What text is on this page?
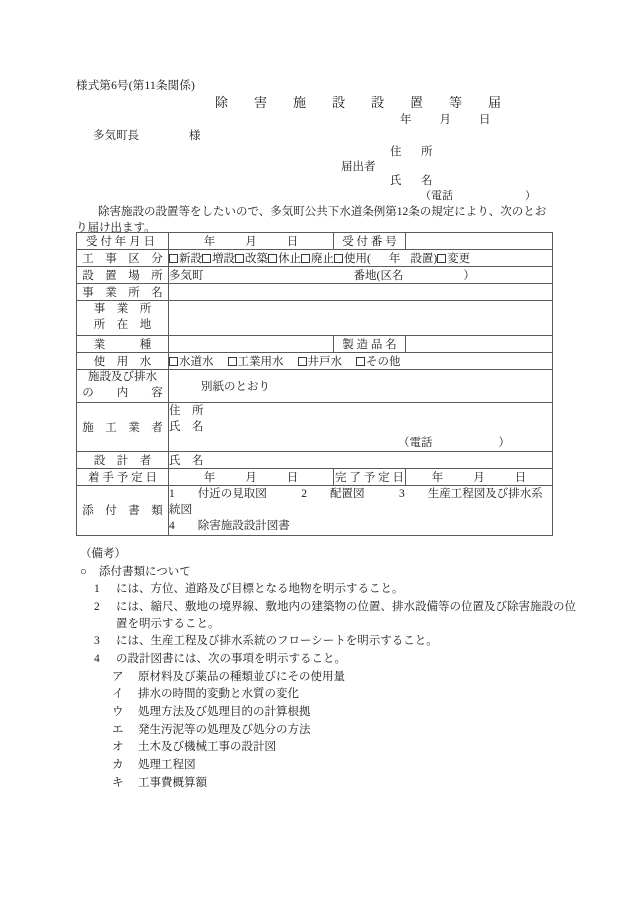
様式第6号(第11条関係)
除　害　施　設　設　置　等　届
年 月 日
多気町長	様
届出者
住　所
氏　名
（電話	）
除害施設の設置等をしたいので、多気町公共下水道条例第12条の規定により、次のとおり届け出ます。
受 付 年 月 日	年 月 日	受 付 番 号	
工　事　区　分	新設 増設 改築 休止 廃止 使用( 年 設置) 変更		
設　置　場　所	多気町 番地(区名 ）		
事　業　所　名			

事　業　所
所　在　地			

業　　　種		製 造 品 名	
使　用　水	水道水 工業用水 井戸水 その他		

施設及び排水
の　　内　　容	別紙のとおり		
施　工　業　者	住　所
氏　名
（電話 ）		

設　計　者	氏　名		
着 手 予 定 日	年 月 日	完 了 予 定 日	年 月 日
添　付　書　類	1　　付近の見取図　　　2　　配置図　　　3　　生産工程図及び排水系統図
4　　除害施設設計図書		
（備考）
○ 添付書類について
1 には、方位、道路及び目標となる地物を明示すること。
2 には、縮尺、敷地の境界線、敷地内の建築物の位置、排水設備等の位置及び除害施設の位置を明示すること。
3 には、生産工程及び排水系統のフローシートを明示すること。
4 の設計図書には、次の事項を明示すること。
ア 原材料及び薬品の種類並びにその使用量
イ 排水の時間的変動と水質の変化
ウ 処理方法及び処理目的の計算根拠
エ 発生汚泥等の処理及び処分の方法
オ 土木及び機械工事の設計図
カ 処理工程図
キ 工事費概算額
